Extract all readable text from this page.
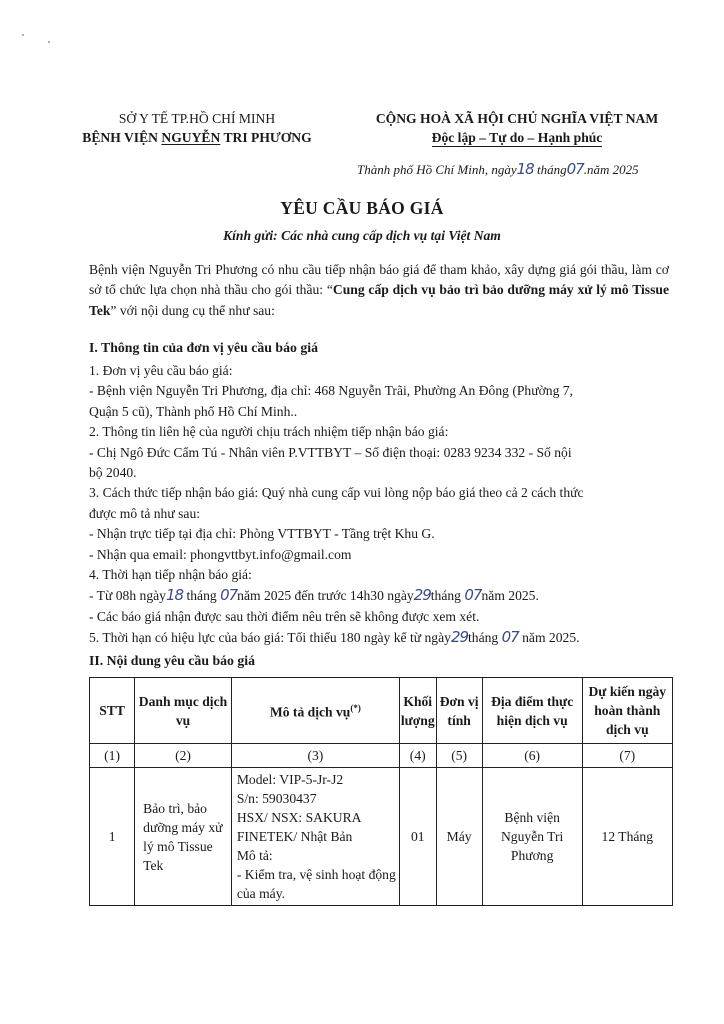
SỞ Y TẾ TP.HỒ CHÍ MINH
BỆNH VIỆN NGUYỄN TRI PHƯƠNG
CỘNG HOÀ XÃ HỘI CHỦ NGHĨA VIỆT NAM
Độc lập – Tự do – Hạnh phúc
Thành phố Hồ Chí Minh, ngày18 tháng07.năm 2025
YÊU CẦU BÁO GIÁ
Kính gửi: Các nhà cung cấp dịch vụ tại Việt Nam

Bệnh viện Nguyễn Tri Phương có nhu cầu tiếp nhận báo giá để tham khảo, xây dựng giá gói thầu, làm cơ sở tổ chức lựa chọn nhà thầu cho gói thầu: “Cung cấp dịch vụ bảo trì bảo dưỡng máy xử lý mô Tissue Tek” với nội dung cụ thể như sau:

I. Thông tin của đơn vị yêu cầu báo giá
1. Đơn vị yêu cầu báo giá:
- Bệnh viện Nguyễn Tri Phương, địa chỉ: 468 Nguyễn Trãi, Phường An Đông (Phường 7,
Quận 5 cũ), Thành phố Hồ Chí Minh..
2. Thông tin liên hệ của người chịu trách nhiệm tiếp nhận báo giá:
- Chị Ngô Đức Cẩm Tú - Nhân viên P.VTTBYT – Số điện thoại: 0283 9234 332 - Số nội
bộ 2040.
3. Cách thức tiếp nhận báo giá: Quý nhà cung cấp vui lòng nộp báo giá theo cả 2 cách thức
được mô tả như sau:
- Nhận trực tiếp tại địa chỉ: Phòng VTTBYT - Tầng trệt Khu G.
- Nhận qua email: phongvttbyt.info@gmail.com
4. Thời hạn tiếp nhận báo giá:
- Từ 08h ngày18 tháng 07năm 2025 đến trước 14h30 ngày29tháng 07năm 2025.
- Các báo giá nhận được sau thời điểm nêu trên sẽ không được xem xét.
5. Thời hạn có hiệu lực của báo giá: Tối thiểu 180 ngày kể từ ngày29tháng 07 năm 2025.
II. Nội dung yêu cầu báo giá
STT	Danh mục dịch vụ	Mô tả dịch vụ(*)	Khối lượng	Đơn vị tính	Địa điểm thực hiện dịch vụ	Dự kiến ngày hoàn thành dịch vụ
(1)	(2)	(3)	(4)	(5)	(6)	(7)
1	Bảo trì, bảo dưỡng máy xử lý mô Tissue Tek	Model: VIP-5-Jr-J2
S/n: 59030437
HSX/ NSX: SAKURA FINETEK/ Nhật Bản
Mô tả:
- Kiểm tra, vệ sinh hoạt động của máy.	01	Máy	Bệnh viện Nguyễn Tri Phương	12 Tháng
